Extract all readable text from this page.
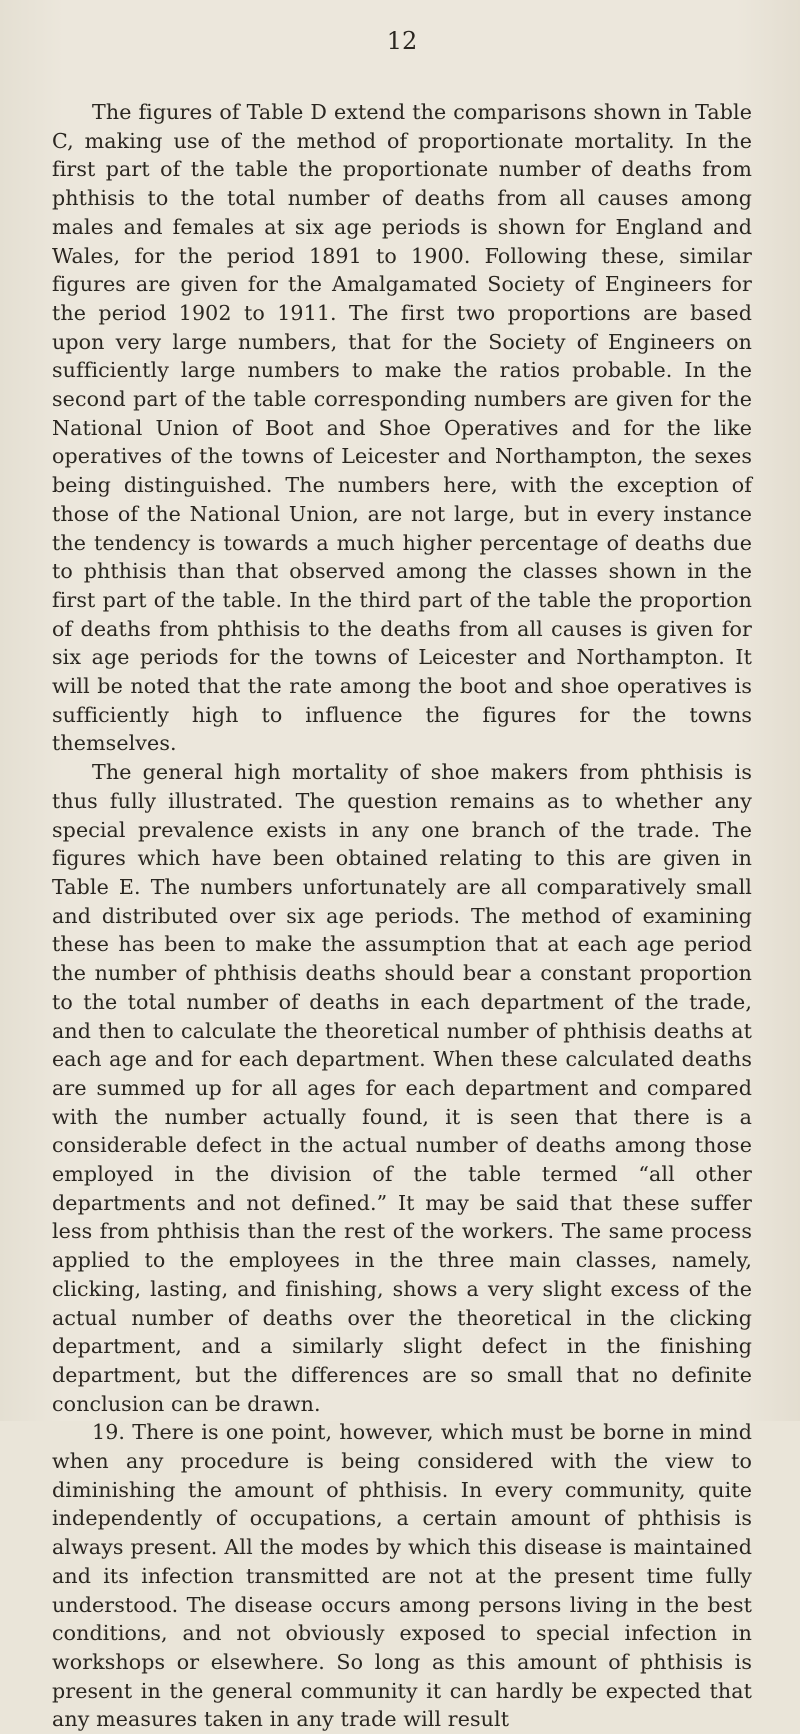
12

The figures of Table D extend the comparisons shown in Table C, making use of the method of proportionate mortality. In the first part of the table the proportionate number of deaths from phthisis to the total number of deaths from all causes among males and females at six age periods is shown for England and Wales, for the period 1891 to 1900. Following these, similar figures are given for the Amalgamated Society of Engineers for the period 1902 to 1911. The first two proportions are based upon very large numbers, that for the Society of Engineers on sufficiently large numbers to make the ratios probable. In the second part of the table corresponding numbers are given for the National Union of Boot and Shoe Operatives and for the like operatives of the towns of Leicester and Northampton, the sexes being distinguished. The numbers here, with the exception of those of the National Union, are not large, but in every instance the tendency is towards a much higher percentage of deaths due to phthisis than that observed among the classes shown in the first part of the table. In the third part of the table the proportion of deaths from phthisis to the deaths from all causes is given for six age periods for the towns of Leicester and Northampton. It will be noted that the rate among the boot and shoe operatives is sufficiently high to influence the figures for the towns themselves.

The general high mortality of shoe makers from phthisis is thus fully illustrated. The question remains as to whether any special prevalence exists in any one branch of the trade. The figures which have been obtained relating to this are given in Table E. The numbers unfortunately are all comparatively small and distributed over six age periods. The method of examining these has been to make the assumption that at each age period the number of phthisis deaths should bear a constant proportion to the total number of deaths in each department of the trade, and then to calculate the theoretical number of phthisis deaths at each age and for each department. When these calculated deaths are summed up for all ages for each department and compared with the number actually found, it is seen that there is a considerable defect in the actual number of deaths among those employed in the division of the table termed “all other departments and not defined.” It may be said that these suffer less from phthisis than the rest of the workers. The same process applied to the employees in the three main classes, namely, clicking, lasting, and finishing, shows a very slight excess of the actual number of deaths over the theoretical in the clicking department, and a similarly slight defect in the finishing department, but the differences are so small that no definite conclusion can be drawn.

19. There is one point, however, which must be borne in mind when any procedure is being considered with the view to diminishing the amount of phthisis. In every community, quite independently of occupations, a certain amount of phthisis is always present. All the modes by which this disease is maintained and its infection transmitted are not at the present time fully understood. The disease occurs among persons living in the best conditions, and not obviously exposed to special infection in workshops or elsewhere. So long as this amount of phthisis is present in the general community it can hardly be expected that any measures taken in any trade will result
